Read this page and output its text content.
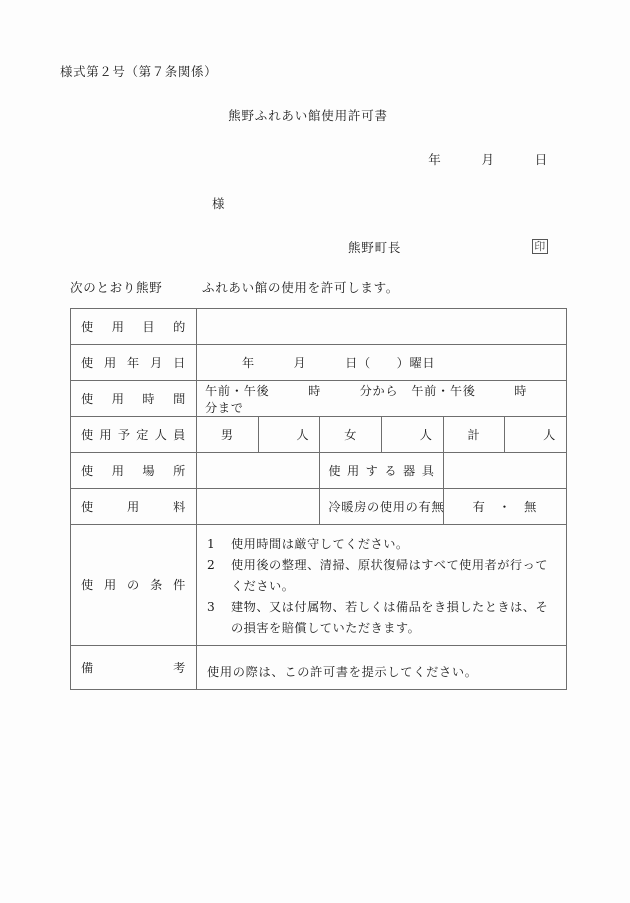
様式第２号（第７条関係）
熊野ふれあい館使用許可書
年　　　月　　　日
様
熊野町長	印
次のとおり熊野　　　ふれあい館の使用を許可します。
使用目的						
使用年月日	年　　　月　　　日（　　）曜日					
使用時間	午前・午後　　　時　　　分から　午前・午後　　　時　　　分まで					
使用予定人員	男	人	女	人	計	人
使用場所			使用する器具			
使用料			冷暖房の使用の有無		有　・　無	
使用の条件	
1	使用時間は厳守してください。
2	使用後の整理、清掃、原状復帰はすべて使用者が行ってください。
3	建物、又は付属物、若しくは備品をき損したときは、その損害を賠償していただきます。

備考	使用の際は、この許可書を提示してください。					
